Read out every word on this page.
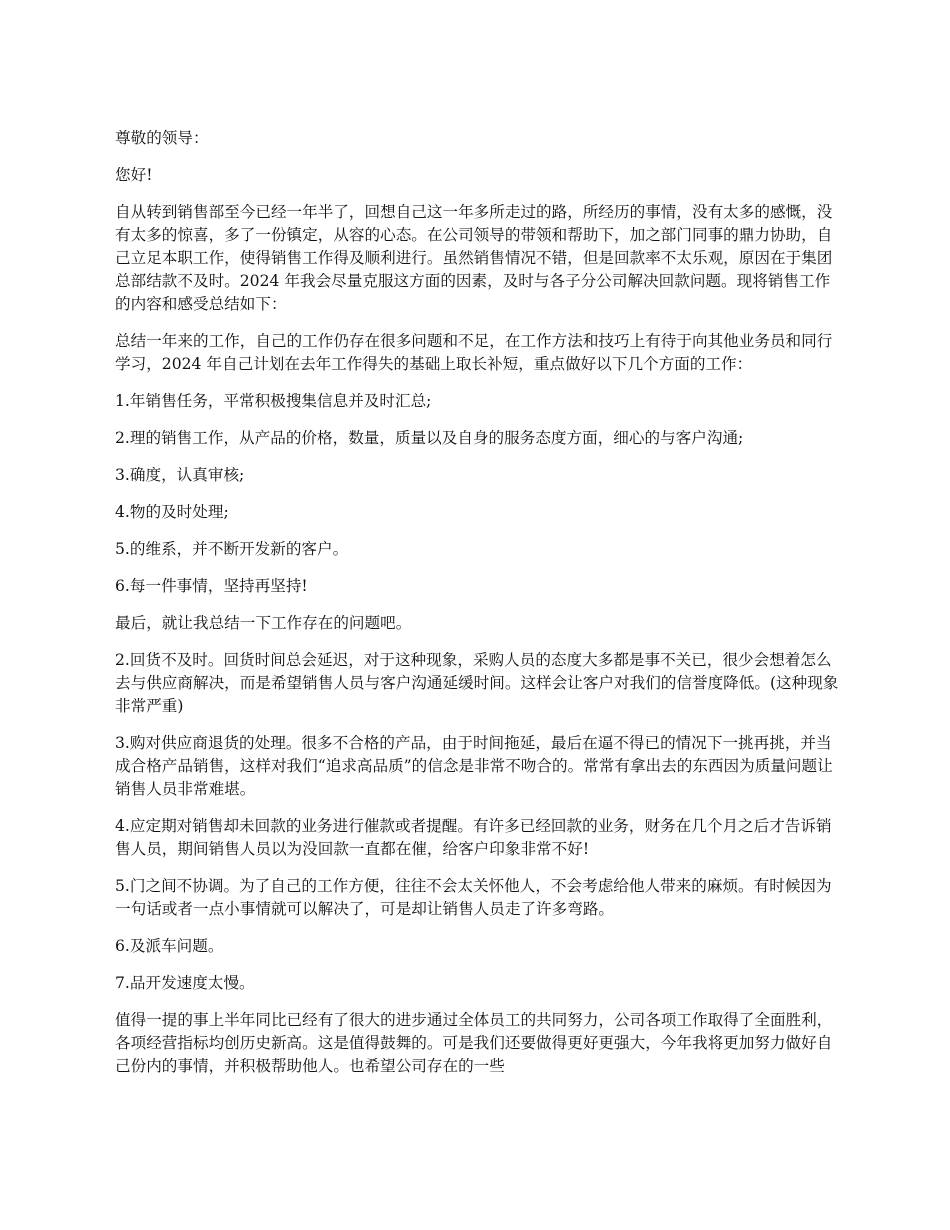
尊敬的领导：

您好!

自从转到销售部至今已经一年半了，回想自己这一年多所走过的路，所经历的事情，没有太多的感慨，没有太多的惊喜，多了一份镇定，从容的心态。在公司领导的带领和帮助下，加之部门同事的鼎力协助，自己立足本职工作，使得销售工作得及顺利进行。虽然销售情况不错，但是回款率不太乐观，原因在于集团总部结款不及时。2024 年我会尽量克服这方面的因素，及时与各子分公司解决回款问题。现将销售工作的内容和感受总结如下：

总结一年来的工作，自己的工作仍存在很多问题和不足，在工作方法和技巧上有待于向其他业务员和同行学习，2024 年自己计划在去年工作得失的基础上取长补短，重点做好以下几个方面的工作：

1.年销售任务，平常积极搜集信息并及时汇总;

2.理的销售工作，从产品的价格，数量，质量以及自身的服务态度方面，细心的与客户沟通;

3.确度，认真审核;

4.物的及时处理;

5.的维系，并不断开发新的客户。

6.每一件事情，坚持再坚持!

最后，就让我总结一下工作存在的问题吧。

2.回货不及时。回货时间总会延迟，对于这种现象，采购人员的态度大多都是事不关已，很少会想着怎么去与供应商解决，而是希望销售人员与客户沟通延缓时间。这样会让客户对我们的信誉度降低。(这种现象非常严重)

3.购对供应商退货的处理。很多不合格的产品，由于时间拖延，最后在逼不得已的情况下一挑再挑，并当成合格产品销售，这样对我们“追求高品质”的信念是非常不吻合的。常常有拿出去的东西因为质量问题让销售人员非常难堪。

4.应定期对销售却未回款的业务进行催款或者提醒。有许多已经回款的业务，财务在几个月之后才告诉销售人员，期间销售人员以为没回款一直都在催，给客户印象非常不好!

5.门之间不协调。为了自己的工作方便，往往不会太关怀他人，不会考虑给他人带来的麻烦。有时候因为一句话或者一点小事情就可以解决了，可是却让销售人员走了许多弯路。

6.及派车问题。

7.品开发速度太慢。

值得一提的事上半年同比已经有了很大的进步通过全体员工的共同努力，公司各项工作取得了全面胜利，各项经营指标均创历史新高。这是值得鼓舞的。可是我们还要做得更好更强大，今年我将更加努力做好自己份内的事情，并积极帮助他人。也希望公司存在的一些
